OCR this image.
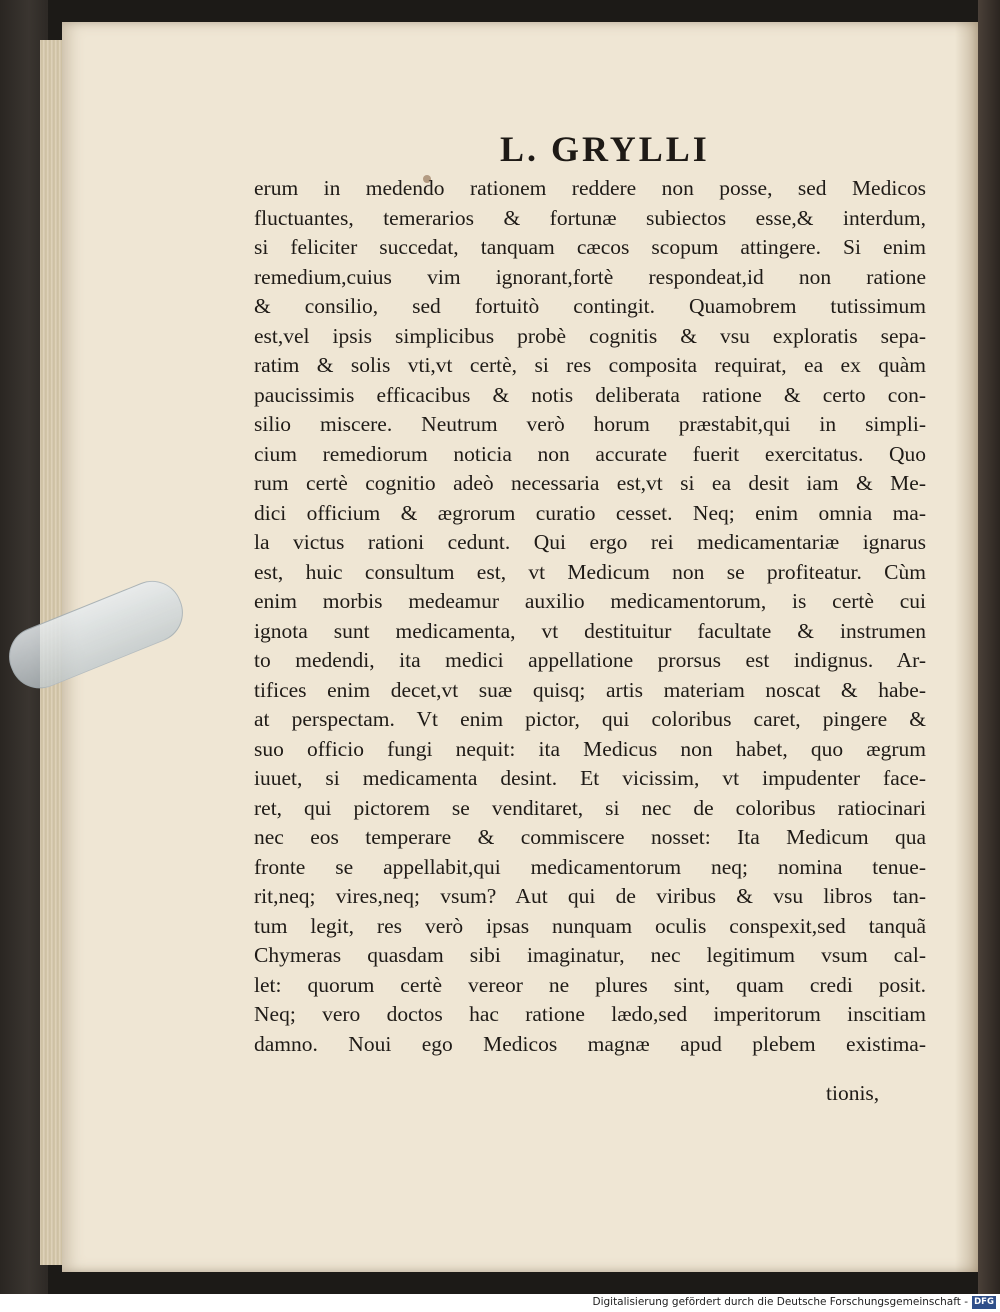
L. GRYLLI
erum in medendo rationem reddere non posse, sed Medicos
fluctuantes, temerarios & fortunæ subiectos esse,& interdum,
si feliciter succedat, tanquam cæcos scopum attingere. Si enim
remedium,cuius vim ignorant,fortè respondeat,id non ratione
& consilio, sed fortuitò contingit. Quamobrem tutissimum
est,vel ipsis simplicibus probè cognitis & vsu exploratis sepa-
ratim & solis vti,vt certè, si res composita requirat, ea ex quàm
paucissimis efficacibus & notis deliberata ratione & certo con-
silio miscere. Neutrum verò horum præstabit,qui in simpli-
cium remediorum noticia non accurate fuerit exercitatus. Quo
rum certè cognitio adeò necessaria est,vt si ea desit iam & Me-
dici officium & ægrorum curatio cesset. Neq; enim omnia ma-
la victus rationi cedunt. Qui ergo rei medicamentariæ ignarus
est, huic consultum est, vt Medicum non se profiteatur. Cùm
enim morbis medeamur auxilio medicamentorum, is certè cui
ignota sunt medicamenta, vt destituitur facultate & instrumen
to medendi, ita medici appellatione prorsus est indignus. Ar-
tifices enim decet,vt suæ quisq; artis materiam noscat & habe-
at perspectam. Vt enim pictor, qui coloribus caret, pingere &
suo officio fungi nequit: ita Medicus non habet, quo ægrum
iuuet, si medicamenta desint. Et vicissim, vt impudenter face-
ret, qui pictorem se venditaret, si nec de coloribus ratiocinari
nec eos temperare & commiscere nosset: Ita Medicum qua
fronte se appellabit,qui medicamentorum neq; nomina tenue-
rit,neq; vires,neq; vsum? Aut qui de viribus & vsu libros tan-
tum legit, res verò ipsas nunquam oculis conspexit,sed tanquã
Chymeras quasdam sibi imaginatur, nec legitimum vsum cal-
let: quorum certè vereor ne plures sint, quam credi posit.
Neq; vero doctos hac ratione lædo,sed imperitorum inscitiam
damno. Noui ego Medicos magnæ apud plebem existima-
tionis,
Digitalisierung gefördert durch die Deutsche Forschungsgemeinschaft - DFG
